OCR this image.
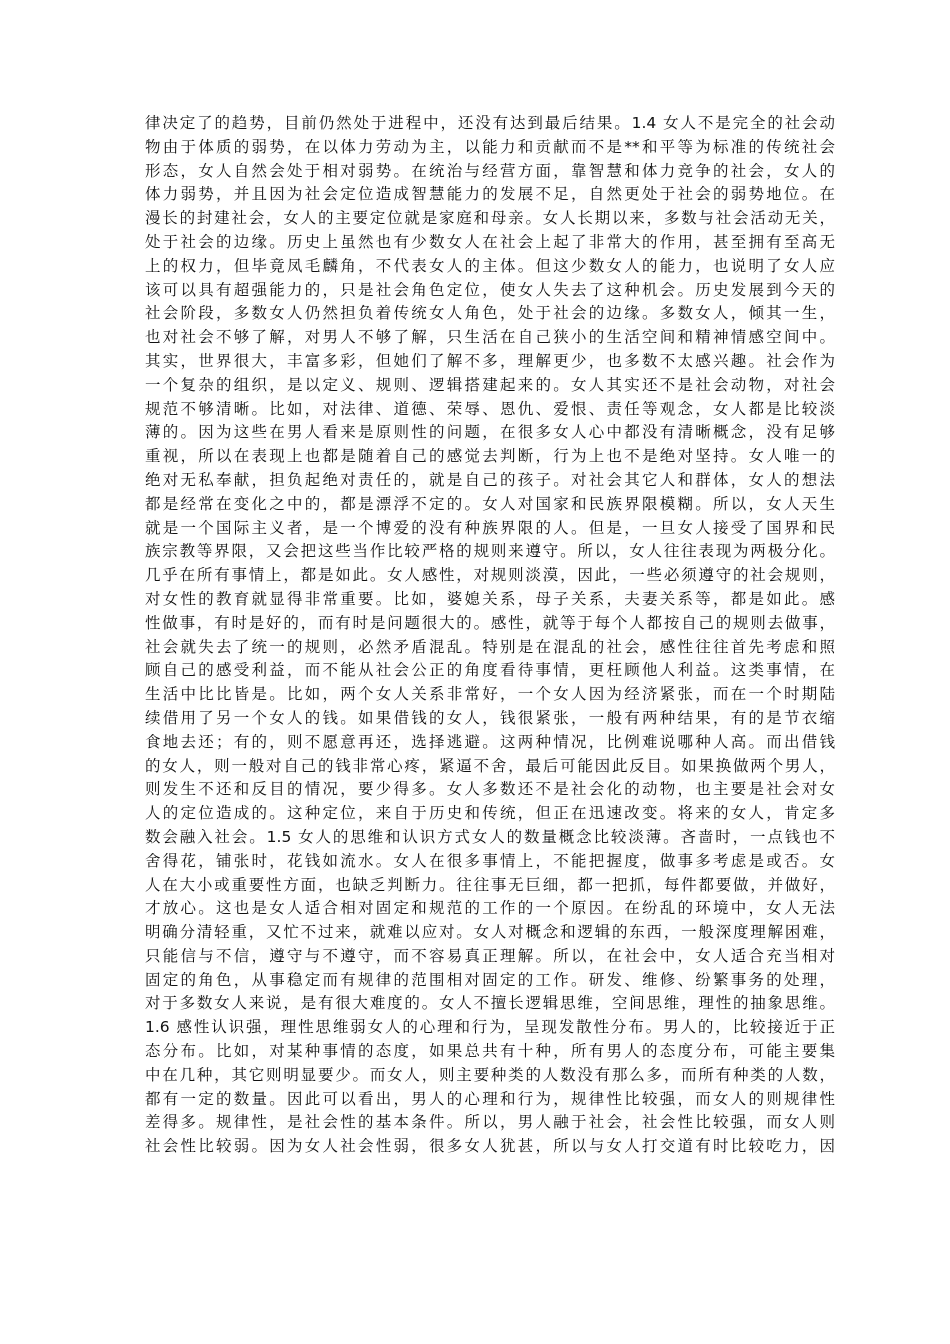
律决定了的趋势，目前仍然处于进程中，还没有达到最后结果。1.4 女人不是完全的社会动
物由于体质的弱势，在以体力劳动为主，以能力和贡献而不是**和平等为标准的传统社会
形态，女人自然会处于相对弱势。在统治与经营方面，靠智慧和体力竞争的社会，女人的
体力弱势，并且因为社会定位造成智慧能力的发展不足，自然更处于社会的弱势地位。在
漫长的封建社会，女人的主要定位就是家庭和母亲。女人长期以来，多数与社会活动无关，
处于社会的边缘。历史上虽然也有少数女人在社会上起了非常大的作用，甚至拥有至高无
上的权力，但毕竟凤毛麟角，不代表女人的主体。但这少数女人的能力，也说明了女人应
该可以具有超强能力的，只是社会角色定位，使女人失去了这种机会。历史发展到今天的
社会阶段，多数女人仍然担负着传统女人角色，处于社会的边缘。多数女人，倾其一生，
也对社会不够了解，对男人不够了解，只生活在自己狭小的生活空间和精神情感空间中。
其实，世界很大，丰富多彩，但她们了解不多，理解更少，也多数不太感兴趣。社会作为
一个复杂的组织，是以定义、规则、逻辑搭建起来的。女人其实还不是社会动物，对社会
规范不够清晰。比如，对法律、道德、荣辱、恩仇、爱恨、责任等观念，女人都是比较淡
薄的。因为这些在男人看来是原则性的问题，在很多女人心中都没有清晰概念，没有足够
重视，所以在表现上也都是随着自己的感觉去判断，行为上也不是绝对坚持。女人唯一的
绝对无私奉献，担负起绝对责任的，就是自己的孩子。对社会其它人和群体，女人的想法
都是经常在变化之中的，都是漂浮不定的。女人对国家和民族界限模糊。所以，女人天生
就是一个国际主义者，是一个博爱的没有种族界限的人。但是，一旦女人接受了国界和民
族宗教等界限，又会把这些当作比较严格的规则来遵守。所以，女人往往表现为两极分化。
几乎在所有事情上，都是如此。女人感性，对规则淡漠，因此，一些必须遵守的社会规则，
对女性的教育就显得非常重要。比如，婆媳关系，母子关系，夫妻关系等，都是如此。感
性做事，有时是好的，而有时是问题很大的。感性，就等于每个人都按自己的规则去做事，
社会就失去了统一的规则，必然矛盾混乱。特别是在混乱的社会，感性往往首先考虑和照
顾自己的感受利益，而不能从社会公正的角度看待事情，更枉顾他人利益。这类事情，在
生活中比比皆是。比如，两个女人关系非常好，一个女人因为经济紧张，而在一个时期陆
续借用了另一个女人的钱。如果借钱的女人，钱很紧张，一般有两种结果，有的是节衣缩
食地去还；有的，则不愿意再还，选择逃避。这两种情况，比例难说哪种人高。而出借钱
的女人，则一般对自己的钱非常心疼，紧逼不舍，最后可能因此反目。如果换做两个男人，
则发生不还和反目的情况，要少得多。女人多数还不是社会化的动物，也主要是社会对女
人的定位造成的。这种定位，来自于历史和传统，但正在迅速改变。将来的女人，肯定多
数会融入社会。1.5 女人的思维和认识方式女人的数量概念比较淡薄。吝啬时，一点钱也不
舍得花，铺张时，花钱如流水。女人在很多事情上，不能把握度，做事多考虑是或否。女
人在大小或重要性方面，也缺乏判断力。往往事无巨细，都一把抓，每件都要做，并做好，
才放心。这也是女人适合相对固定和规范的工作的一个原因。在纷乱的环境中，女人无法
明确分清轻重，又忙不过来，就难以应对。女人对概念和逻辑的东西，一般深度理解困难，
只能信与不信，遵守与不遵守，而不容易真正理解。所以，在社会中，女人适合充当相对
固定的角色，从事稳定而有规律的范围相对固定的工作。研发、维修、纷繁事务的处理，
对于多数女人来说，是有很大难度的。女人不擅长逻辑思维，空间思维，理性的抽象思维。
1.6 感性认识强，理性思维弱女人的心理和行为，呈现发散性分布。男人的，比较接近于正
态分布。比如，对某种事情的态度，如果总共有十种，所有男人的态度分布，可能主要集
中在几种，其它则明显要少。而女人，则主要种类的人数没有那么多，而所有种类的人数，
都有一定的数量。因此可以看出，男人的心理和行为，规律性比较强，而女人的则规律性
差得多。规律性，是社会性的基本条件。所以，男人融于社会，社会性比较强，而女人则
社会性比较弱。因为女人社会性弱，很多女人犹甚，所以与女人打交道有时比较吃力，因
